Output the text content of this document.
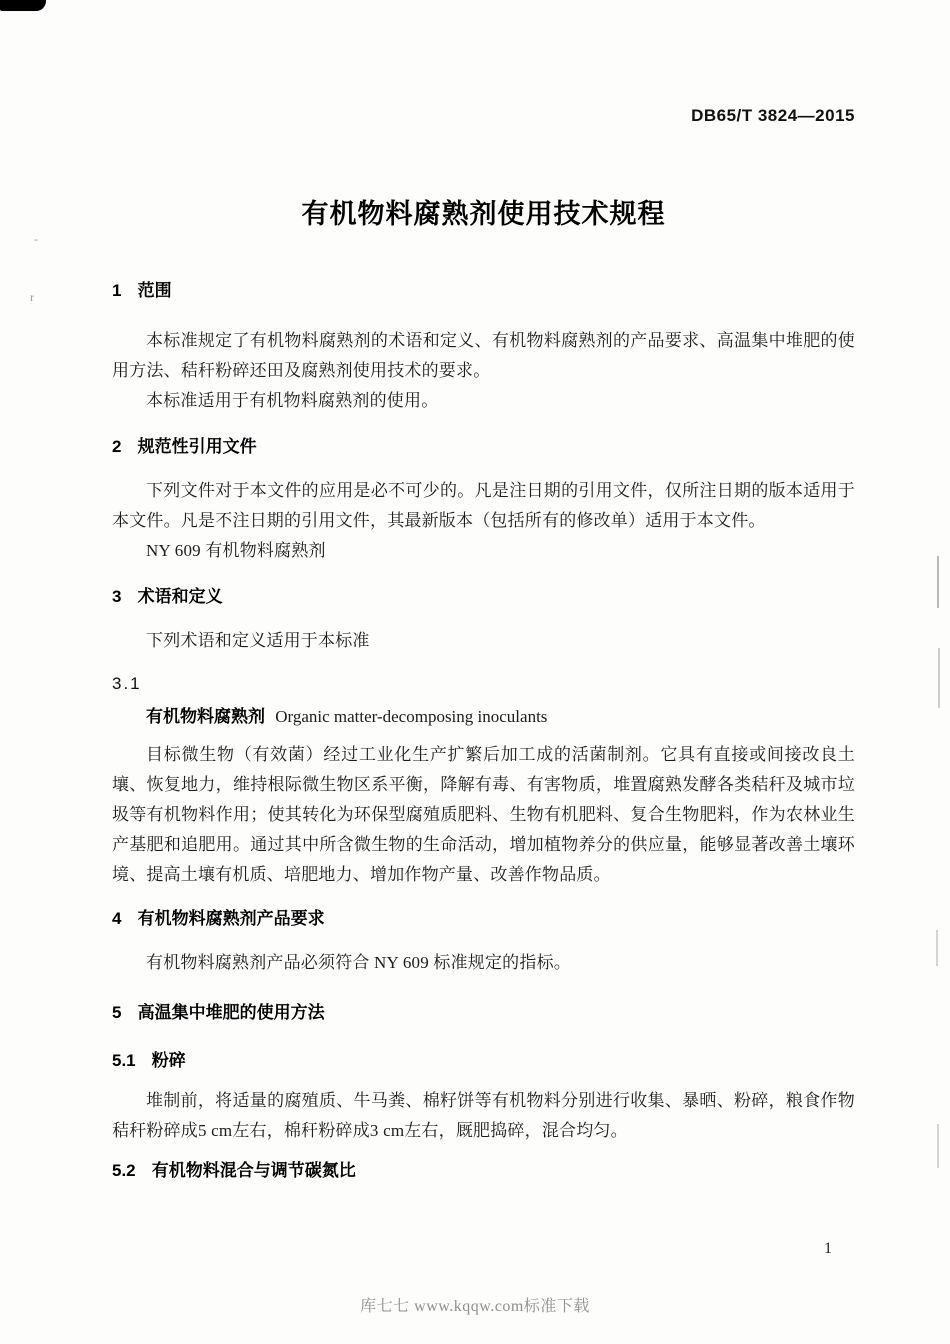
r
-
DB65/T 3824—2015
有机物料腐熟剂使用技术规程
1 范围

本标准规定了有机物料腐熟剂的术语和定义、有机物料腐熟剂的产品要求、高温集中堆肥的使用方法、秸秆粉碎还田及腐熟剂使用技术的要求。

本标准适用于有机物料腐熟剂的使用。

2 规范性引用文件

下列文件对于本文件的应用是必不可少的。凡是注日期的引用文件，仅所注日期的版本适用于本文件。凡是不注日期的引用文件，其最新版本（包括所有的修改单）适用于本文件。

NY 609 有机物料腐熟剂

3 术语和定义

下列术语和定义适用于本标准

3.1

有机物料腐熟剂 Organic matter-decomposing inoculants

目标微生物（有效菌）经过工业化生产扩繁后加工成的活菌制剂。它具有直接或间接改良土壤、恢复地力，维持根际微生物区系平衡，降解有毒、有害物质，堆置腐熟发酵各类秸秆及城市垃圾等有机物料作用；使其转化为环保型腐殖质肥料、生物有机肥料、复合生物肥料，作为农林业生产基肥和追肥用。通过其中所含微生物的生命活动，增加植物养分的供应量，能够显著改善土壤环境、提高土壤有机质、培肥地力、增加作物产量、改善作物品质。

4 有机物料腐熟剂产品要求

有机物料腐熟剂产品必须符合 NY 609 标准规定的指标。

5 高温集中堆肥的使用方法
5.1 粉碎

堆制前，将适量的腐殖质、牛马粪、棉籽饼等有机物料分别进行收集、暴晒、粉碎，粮食作物秸秆粉碎成5 cm左右，棉秆粉碎成3 cm左右，厩肥捣碎，混合均匀。

5.2 有机物料混合与调节碳氮比
1
库七七 www.kqqw.com标准下载
